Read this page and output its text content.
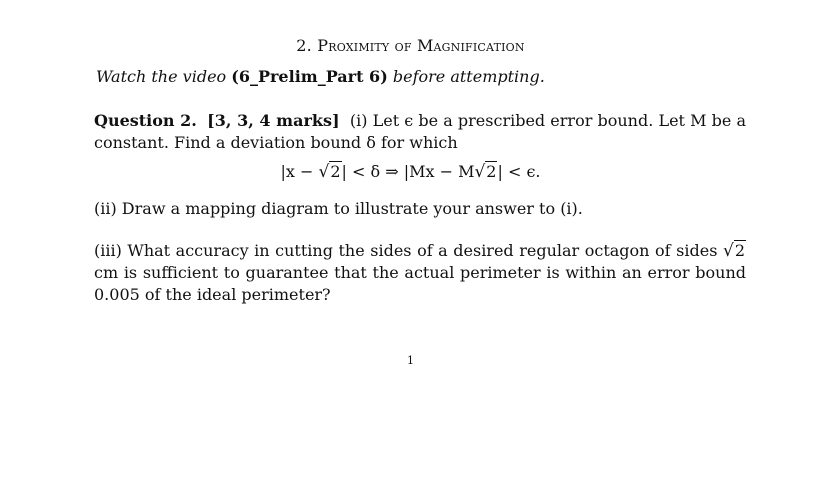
2. Proximity of Magnification
Watch the video (6_Prelim_Part 6) before attempting.
Question 2. [3, 3, 4 marks] (i) Let ϵ be a prescribed error bound. Let M be a constant. Find a deviation bound δ for which
|x − √2| < δ ⇒ |Mx − M√2| < ϵ.
(ii) Draw a mapping diagram to illustrate your answer to (i).
(iii) What accuracy in cutting the sides of a desired regular octagon of sides √2 cm is sufficient to guarantee that the actual perimeter is within an error bound 0.005 of the ideal perimeter?
1
